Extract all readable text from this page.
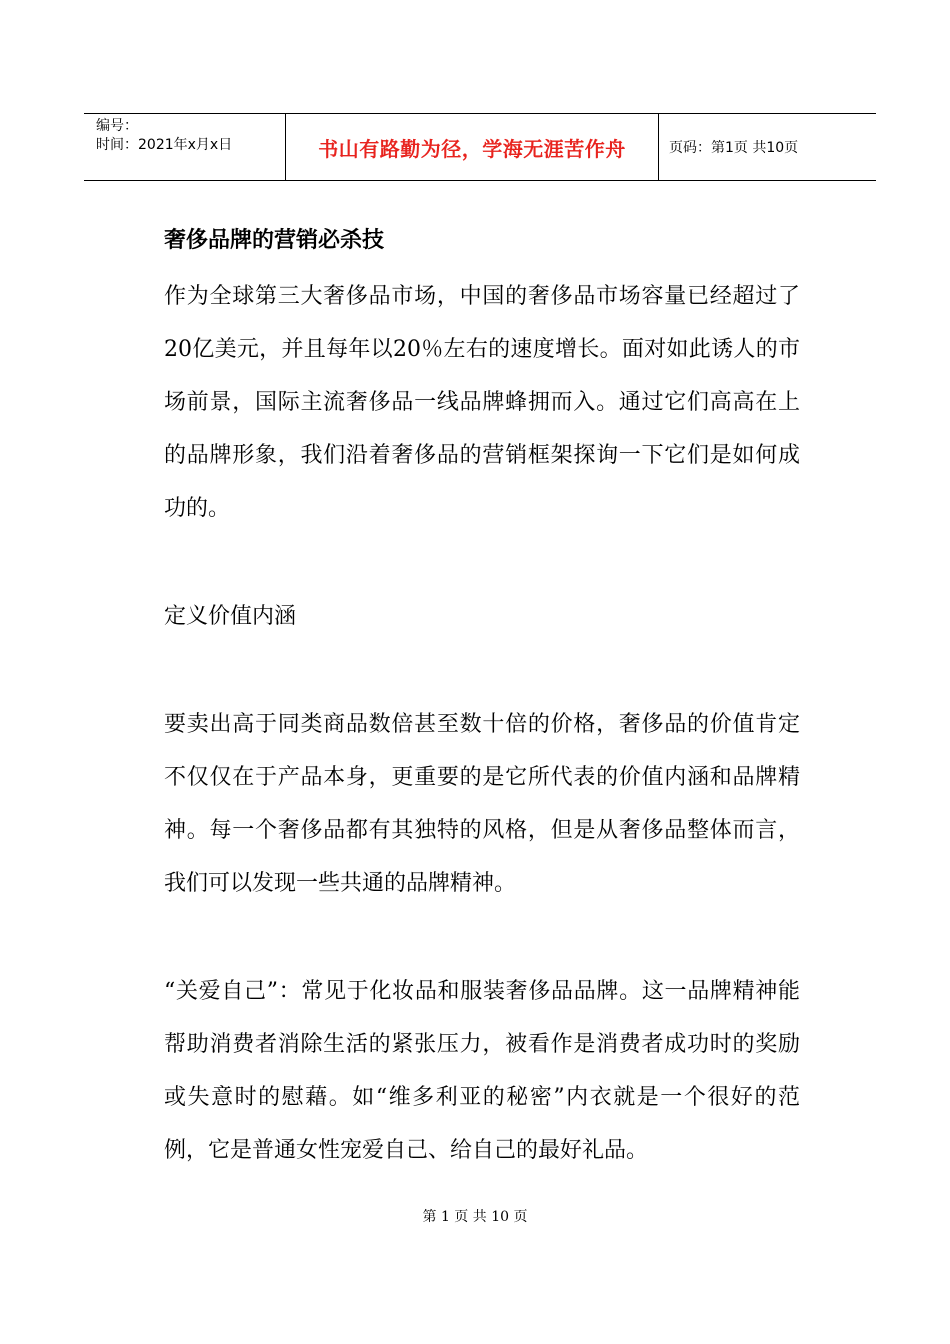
编号：
时间：2021年x月x日	书山有路勤为径，学海无涯苦作舟	页码：第1页 共10页
奢侈品牌的营销必杀技

作为全球第三大奢侈品市场，中国的奢侈品市场容量已经超过了20亿美元，并且每年以20％左右的速度增长。面对如此诱人的市场前景，国际主流奢侈品一线品牌蜂拥而入。通过它们高高在上的品牌形象，我们沿着奢侈品的营销框架探询一下它们是如何成功的。

定义价值内涵

要卖出高于同类商品数倍甚至数十倍的价格，奢侈品的价值肯定不仅仅在于产品本身，更重要的是它所代表的价值内涵和品牌精神。每一个奢侈品都有其独特的风格，但是从奢侈品整体而言，我们可以发现一些共通的品牌精神。

“关爱自己”：常见于化妆品和服装奢侈品品牌。这一品牌精神能帮助消费者消除生活的紧张压力，被看作是消费者成功时的奖励或失意时的慰藉。如“维多利亚的秘密”内衣就是一个很好的范例，它是普通女性宠爱自己、给自己的最好礼品。

第 1 页 共 10 页
